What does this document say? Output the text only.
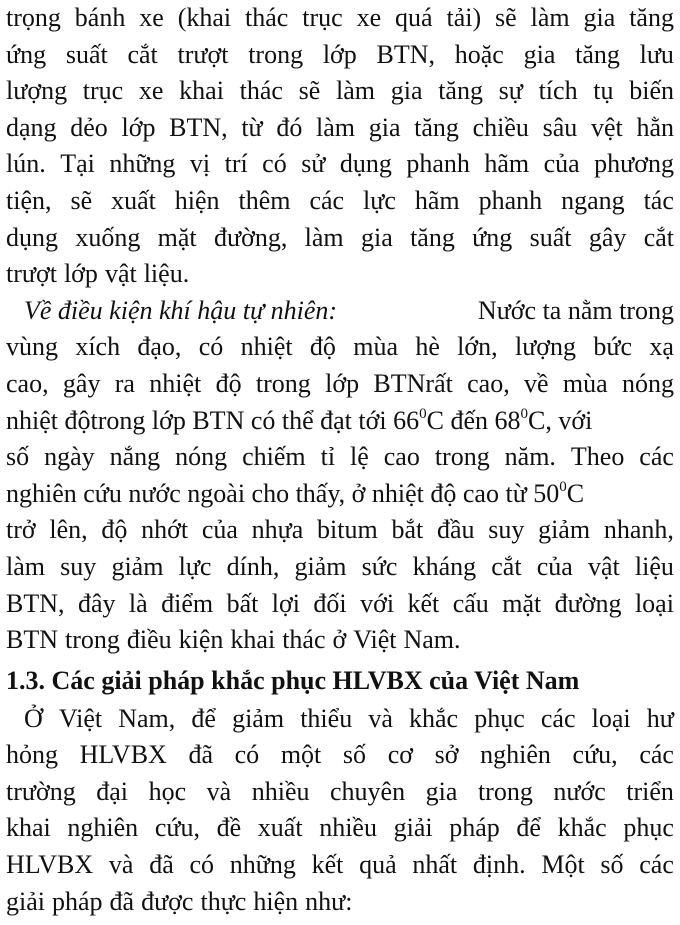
trọng bánh xe (khai thác trục xe quá tải) sẽ làm gia tăng
ứng suất cắt trượt trong lớp BTN, hoặc gia tăng lưu
lượng trục xe khai thác sẽ làm gia tăng sự tích tụ biến
dạng dẻo lớp BTN, từ đó làm gia tăng chiều sâu vệt hằn
lún. Tại những vị trí có sử dụng phanh hãm của phương
tiện, sẽ xuất hiện thêm các lực hãm phanh ngang tác
dụng xuống mặt đường, làm gia tăng ứng suất gây cắt
trượt lớp vật liệu.
Về điều kiện khí hậu tự nhiên:	Nước ta nằm trong
vùng xích đạo, có nhiệt độ mùa hè lớn, lượng bức xạ
cao, gây ra nhiệt độ trong lớp BTNrất cao, về mùa nóng
nhiệt độtrong lớp BTN có thể đạt tới $66^0C$ đến $68^0C$, với
số ngày nắng nóng chiếm tỉ lệ cao trong năm. Theo các
nghiên cứu nước ngoài cho thấy, ở nhiệt độ cao từ $50^0C$
trở lên, độ nhớt của nhựa bitum bắt đầu suy giảm nhanh,
làm suy giảm lực dính, giảm sức kháng cắt của vật liệu
BTN, đây là điểm bất lợi đối với kết cấu mặt đường loại
BTN trong điều kiện khai thác ở Việt Nam.
1.3. Các giải pháp khắc phục HLVBX của Việt Nam
Ở Việt Nam, để giảm thiểu và khắc phục các loại hư
hỏng HLVBX đã có một số cơ sở nghiên cứu, các
trường đại học và nhiều chuyên gia trong nước triển
khai nghiên cứu, đề xuất nhiều giải pháp để khắc phục
HLVBX và đã có những kết quả nhất định. Một số các
giải pháp đã được thực hiện như:
